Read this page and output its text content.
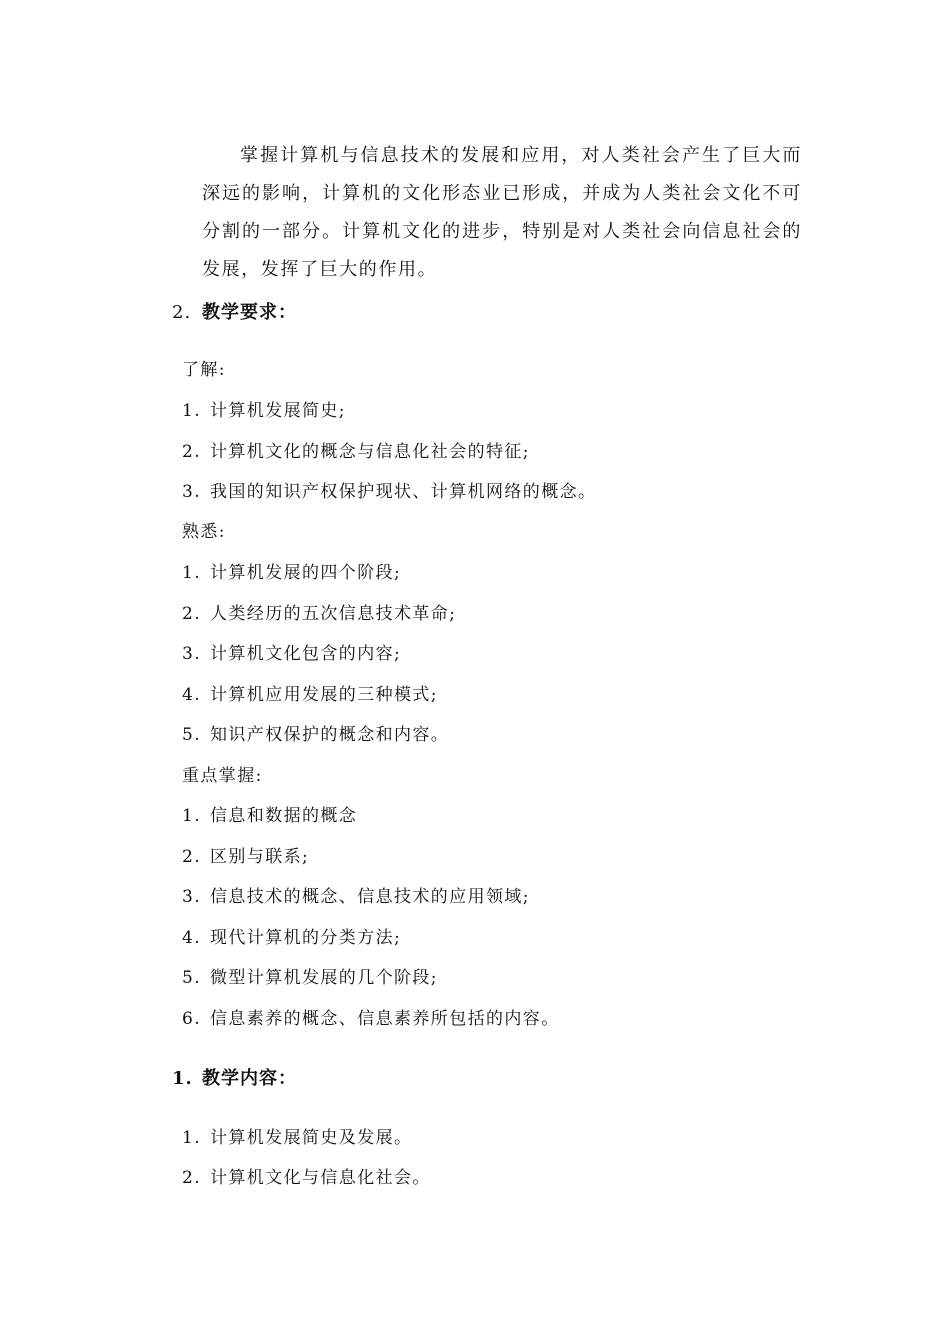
掌握计算机与信息技术的发展和应用，对人类社会产生了巨大而深远的影响，计算机的文化形态业已形成，并成为人类社会文化不可分割的一部分。计算机文化的进步，特别是对人类社会向信息社会的发展，发挥了巨大的作用。

2. 教学要求：
了解:
1. 计算机发展简史;
2. 计算机文化的概念与信息化社会的特征;
3. 我国的知识产权保护现状、计算机网络的概念。
熟悉:
1. 计算机发展的四个阶段;
2. 人类经历的五次信息技术革命;
3. 计算机文化包含的内容;
4. 计算机应用发展的三种模式;
5. 知识产权保护的概念和内容。
重点掌握:
1. 信息和数据的概念
2. 区别与联系;
3. 信息技术的概念、信息技术的应用领域;
4. 现代计算机的分类方法;
5. 微型计算机发展的几个阶段;
6. 信息素养的概念、信息素养所包括的内容。
1. 教学内容：
1. 计算机发展简史及发展。
2. 计算机文化与信息化社会。
